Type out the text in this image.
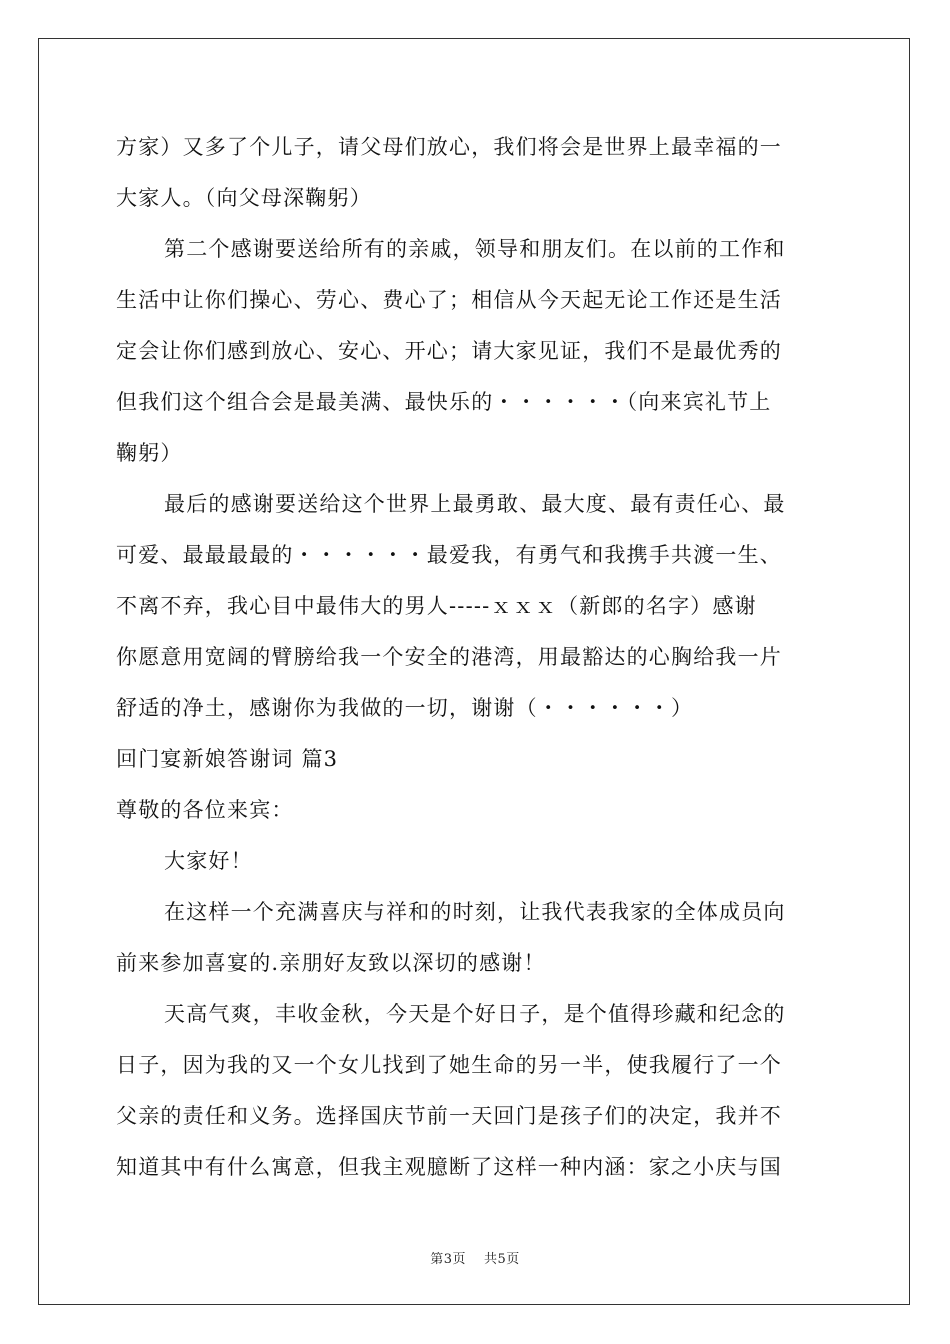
方家）又多了个儿子，请父母们放心，我们将会是世界上最幸福的一
大家人。（向父母深鞠躬）
第二个感谢要送给所有的亲戚，领导和朋友们。在以前的工作和
生活中让你们操心、劳心、费心了；相信从今天起无论工作还是生活
定会让你们感到放心、安心、开心；请大家见证，我们不是最优秀的
但我们这个组合会是最美满、最快乐的・・・・・・（向来宾礼节上
鞠躬）
最后的感谢要送给这个世界上最勇敢、最大度、最有责任心、最
可爱、最最最最的・・・・・・最爱我，有勇气和我携手共渡一生、
不离不弃，我心目中最伟大的男人-----ｘｘｘ（新郎的名字）感谢
你愿意用宽阔的臂膀给我一个安全的港湾，用最豁达的心胸给我一片
舒适的净土，感谢你为我做的一切，谢谢（・・・・・・）
回门宴新娘答谢词 篇3
尊敬的各位来宾：
大家好！
在这样一个充满喜庆与祥和的时刻，让我代表我家的全体成员向
前来参加喜宴的.亲朋好友致以深切的感谢！
天高气爽，丰收金秋，今天是个好日子，是个值得珍藏和纪念的
日子，因为我的又一个女儿找到了她生命的另一半，使我履行了一个
父亲的责任和义务。选择国庆节前一天回门是孩子们的决定，我并不
知道其中有什么寓意，但我主观臆断了这样一种内涵：家之小庆与国
第3页 共5页
